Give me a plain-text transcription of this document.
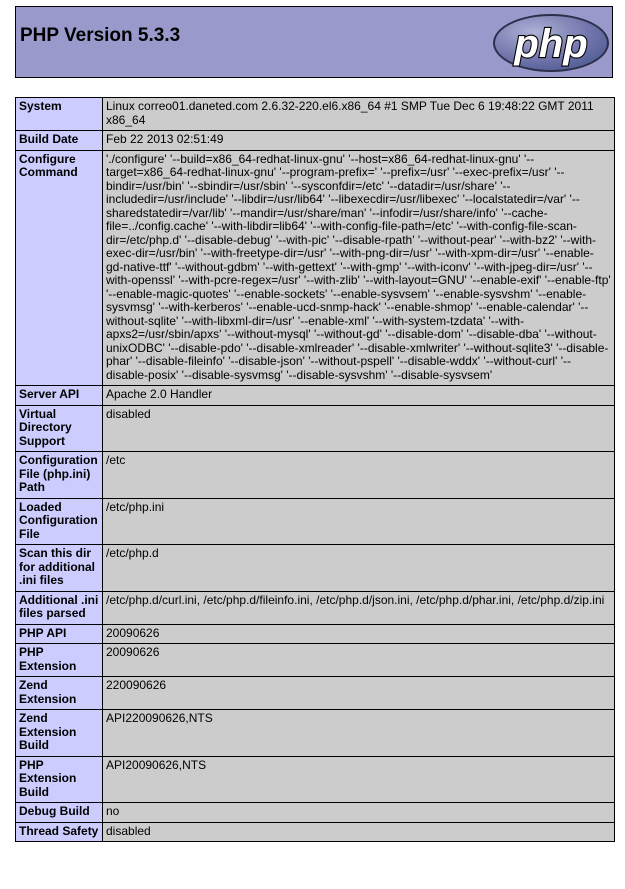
PHP Version 5.3.3	php
System	Linux correo01.daneted.com 2.6.32-220.el6.x86_64 #1 SMP Tue Dec 6 19:48:22 GMT 2011 x86_64
Build Date	Feb 22 2013 02:51:49
Configure Command	'./configure' '--build=x86_64-redhat-linux-gnu' '--host=x86_64-redhat-linux-gnu' '--target=x86_64-redhat-linux-gnu' '--program-prefix=' '--prefix=/usr' '--exec-prefix=/usr' '--bindir=/usr/bin' '--sbindir=/usr/sbin' '--sysconfdir=/etc' '--datadir=/usr/share' '--includedir=/usr/include' '--libdir=/usr/lib64' '--libexecdir=/usr/libexec' '--localstatedir=/var' '--sharedstatedir=/var/lib' '--mandir=/usr/share/man' '--infodir=/usr/share/info' '--cache-file=../config.cache' '--with-libdir=lib64' '--with-config-file-path=/etc' '--with-config-file-scan-dir=/etc/php.d' '--disable-debug' '--with-pic' '--disable-rpath' '--without-pear' '--with-bz2' '--with-exec-dir=/usr/bin' '--with-freetype-dir=/usr' '--with-png-dir=/usr' '--with-xpm-dir=/usr' '--enable-gd-native-ttf' '--without-gdbm' '--with-gettext' '--with-gmp' '--with-iconv' '--with-jpeg-dir=/usr' '--with-openssl' '--with-pcre-regex=/usr' '--with-zlib' '--with-layout=GNU' '--enable-exif' '--enable-ftp' '--enable-magic-quotes' '--enable-sockets' '--enable-sysvsem' '--enable-sysvshm' '--enable-sysvmsg' '--with-kerberos' '--enable-ucd-snmp-hack' '--enable-shmop' '--enable-calendar' '--without-sqlite' '--with-libxml-dir=/usr' '--enable-xml' '--with-system-tzdata' '--with-apxs2=/usr/sbin/apxs' '--without-mysql' '--without-gd' '--disable-dom' '--disable-dba' '--without-unixODBC' '--disable-pdo' '--disable-xmlreader' '--disable-xmlwriter' '--without-sqlite3' '--disable-phar' '--disable-fileinfo' '--disable-json' '--without-pspell' '--disable-wddx' '--without-curl' '--disable-posix' '--disable-sysvmsg' '--disable-sysvshm' '--disable-sysvsem'
Server API	Apache 2.0 Handler
Virtual Directory Support	disabled
Configuration File (php.ini) Path	/etc
Loaded Configuration File	/etc/php.ini
Scan this dir for additional .ini files	/etc/php.d
Additional .ini files parsed	/etc/php.d/curl.ini, /etc/php.d/fileinfo.ini, /etc/php.d/json.ini, /etc/php.d/phar.ini, /etc/php.d/zip.ini
PHP API	20090626
PHP Extension	20090626
Zend Extension	220090626
Zend Extension Build	API220090626,NTS
PHP Extension Build	API20090626,NTS
Debug Build	no
Thread Safety	disabled
